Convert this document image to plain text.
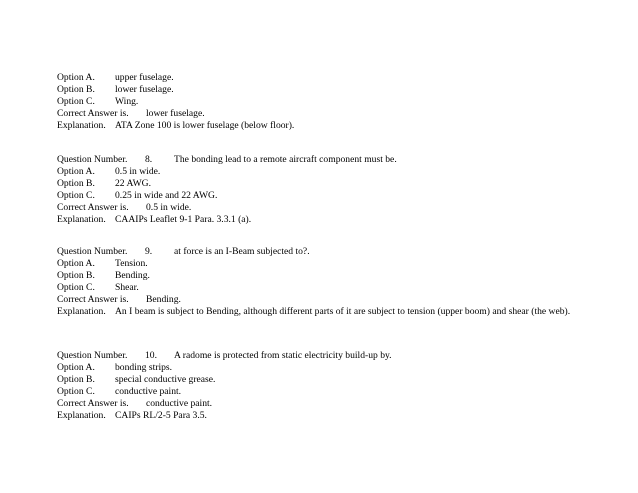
Option A. upper fuselage.
Option B. lower fuselage.
Option C. Wing.
Correct Answer is. lower fuselage.
Explanation. ATA Zone 100 is lower fuselage (below floor).
Question Number. 8. The bonding lead to a remote aircraft component must be.
Option A. 0.5 in wide.
Option B. 22 AWG.
Option C. 0.25 in wide and 22 AWG.
Correct Answer is. 0.5 in wide.
Explanation. CAAIPs Leaflet 9-1 Para. 3.3.1 (a).
Question Number. 9. at force is an I-Beam subjected to?.
Option A. Tension.
Option B. Bending.
Option C. Shear.
Correct Answer is. Bending.
Explanation. An I beam is subject to Bending, although different parts of it are subject to tension (upper boom) and shear (the web).
Question Number. 10. A radome is protected from static electricity build-up by.
Option A. bonding strips.
Option B. special conductive grease.
Option C. conductive paint.
Correct Answer is. conductive paint.
Explanation. CAIPs RL/2-5 Para 3.5.
